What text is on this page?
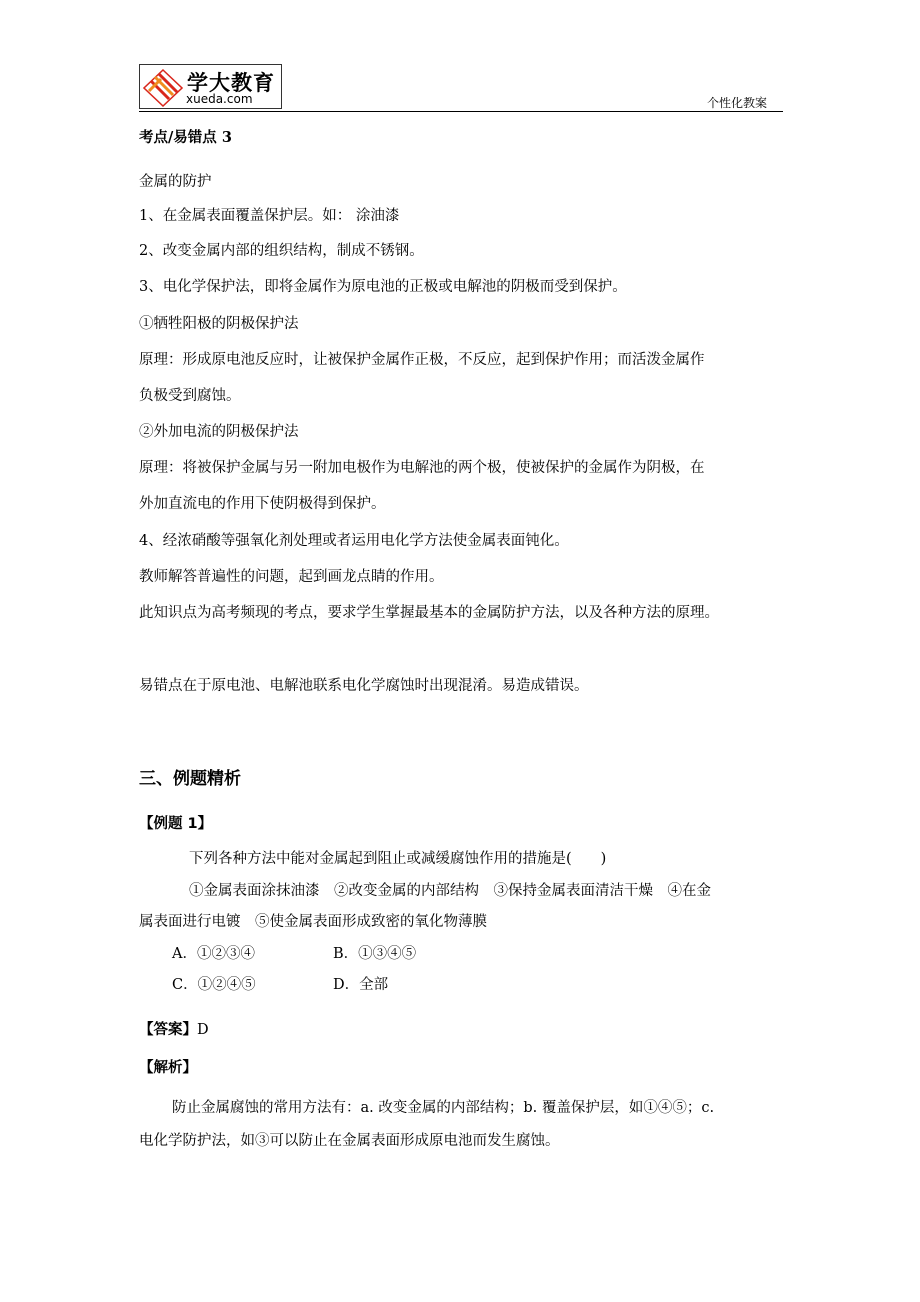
学大教育
xueda.com	个性化教案
考点/易错点 3
金属的防护
1、在金属表面覆盖保护层。如： 涂油漆
2、改变金属内部的组织结构，制成不锈钢。
3、电化学保护法，即将金属作为原电池的正极或电解池的阴极而受到保护。
①牺牲阳极的阴极保护法
原理：形成原电池反应时，让被保护金属作正极，不反应，起到保护作用；而活泼金属作
负极受到腐蚀。
②外加电流的阴极保护法
原理：将被保护金属与另一附加电极作为电解池的两个极，使被保护的金属作为阴极，在
外加直流电的作用下使阴极得到保护。
4、经浓硝酸等强氧化剂处理或者运用电化学方法使金属表面钝化。
教师解答普遍性的问题，起到画龙点睛的作用。
此知识点为高考频现的考点，要求学生掌握最基本的金属防护方法，以及各种方法的原理。
易错点在于原电池、电解池联系电化学腐蚀时出现混淆。易造成错误。
三、例题精析
【例题 1】
下列各种方法中能对金属起到阻止或减缓腐蚀作用的措施是(　　)
①金属表面涂抹油漆　②改变金属的内部结构　③保持金属表面清洁干燥　④在金
属表面进行电镀　⑤使金属表面形成致密的氧化物薄膜
A．①②③④	B．①③④⑤
C．①②④⑤	D．全部
【答案】D
【解析】
防止金属腐蚀的常用方法有：a. 改变金属的内部结构；b. 覆盖保护层，如①④⑤；c.
电化学防护法，如③可以防止在金属表面形成原电池而发生腐蚀。
